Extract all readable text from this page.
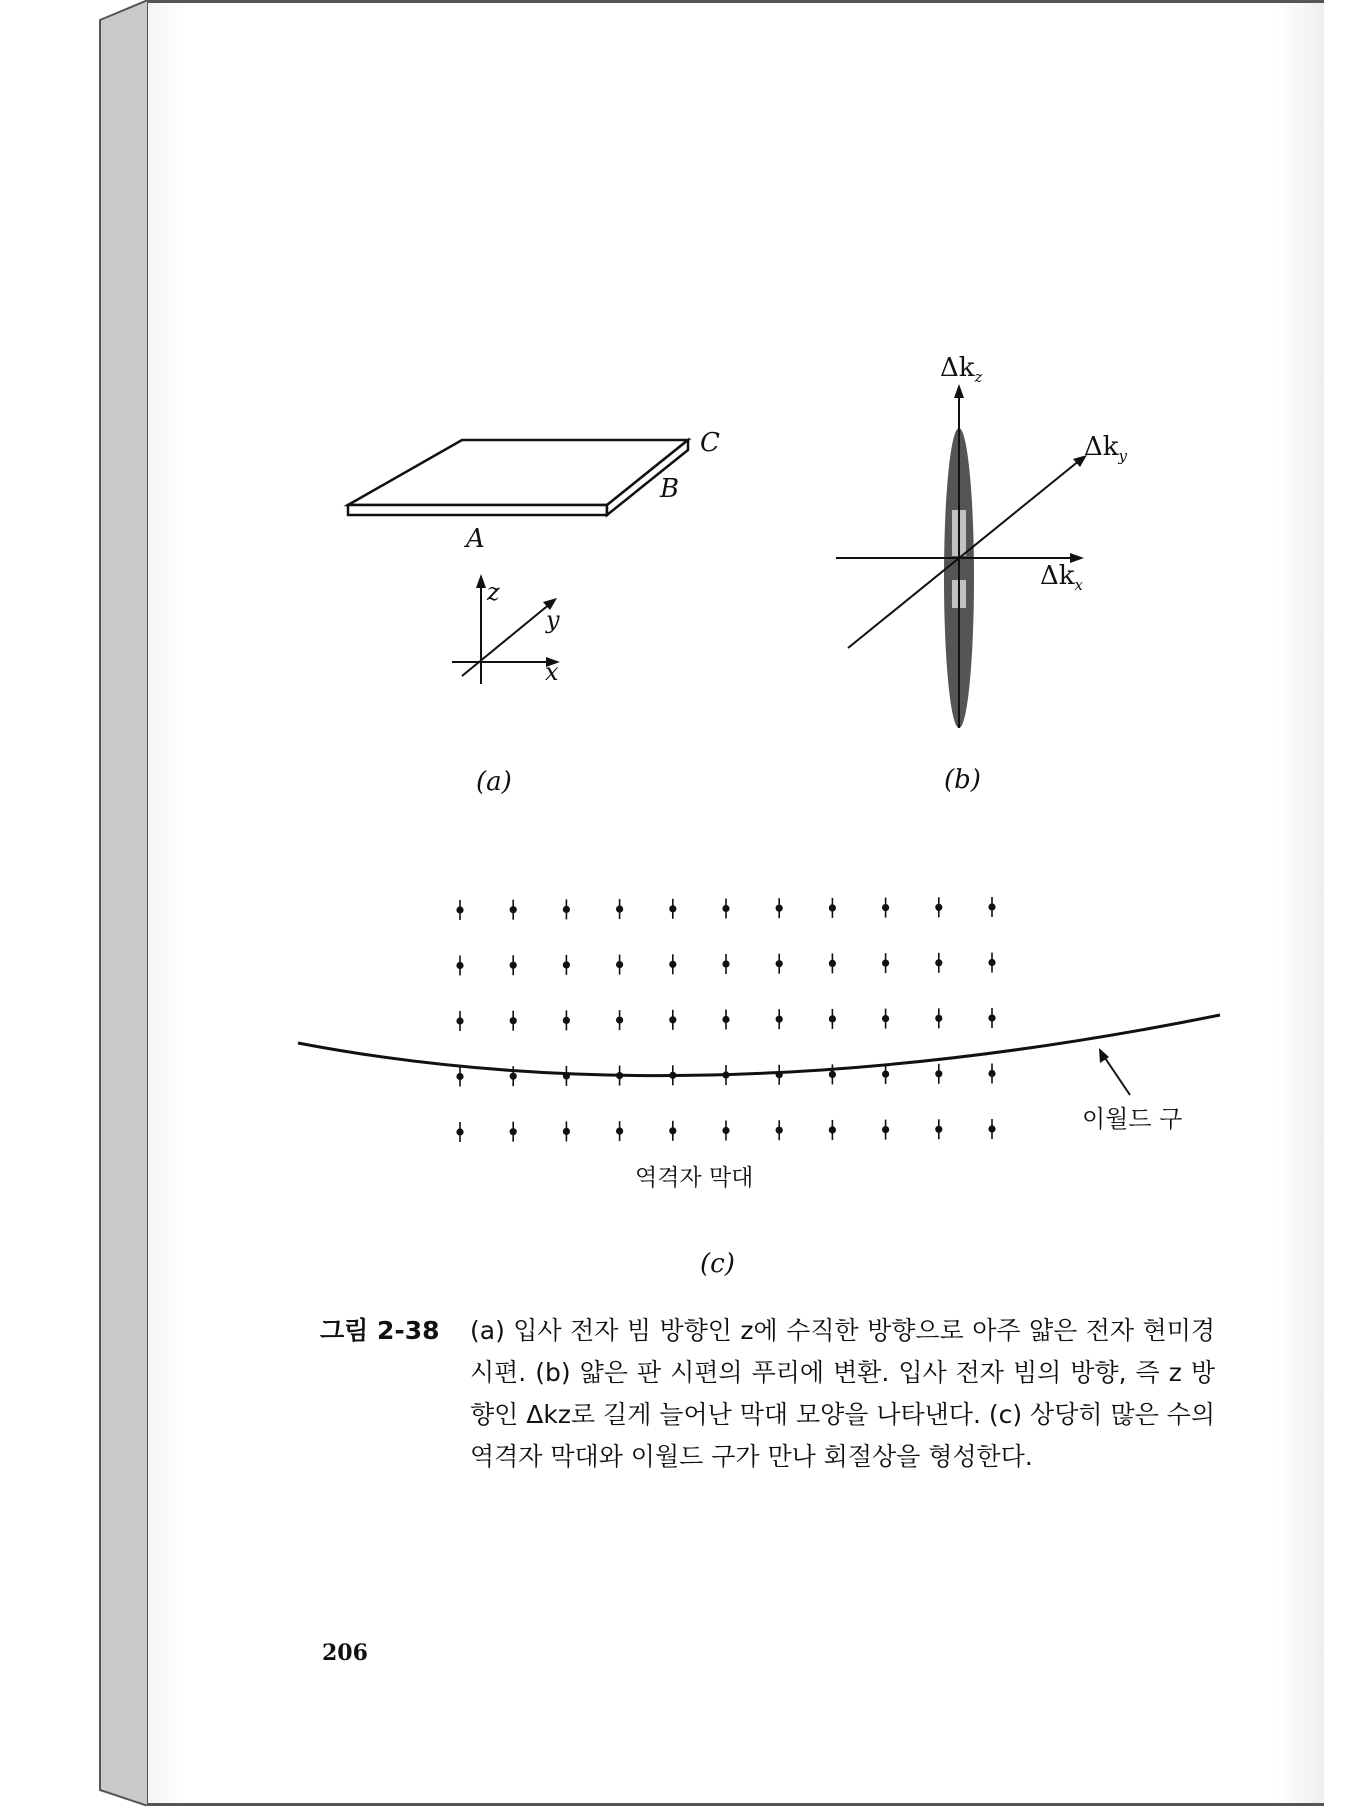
A
B
C
z
y
x
(a)
$\Delta k_z$
$\Delta k_y$
$\Delta k_x$
(b)
이월드 구
역격자 막대
(c)
그림 2-38 (a) 입사 전자 빔 방향인 z에 수직한 방향으로 아주 얇은 전자 현미경 시편. (b) 얇은 판 시편의 푸리에 변환. 입사 전자 빔의 방향, 즉 z 방향인 Δkz로 길게 늘어난 막대 모양을 나타낸다. (c) 상당히 많은 수의 역격자 막대와 이월드 구가 만나 회절상을 형성한다.
206
